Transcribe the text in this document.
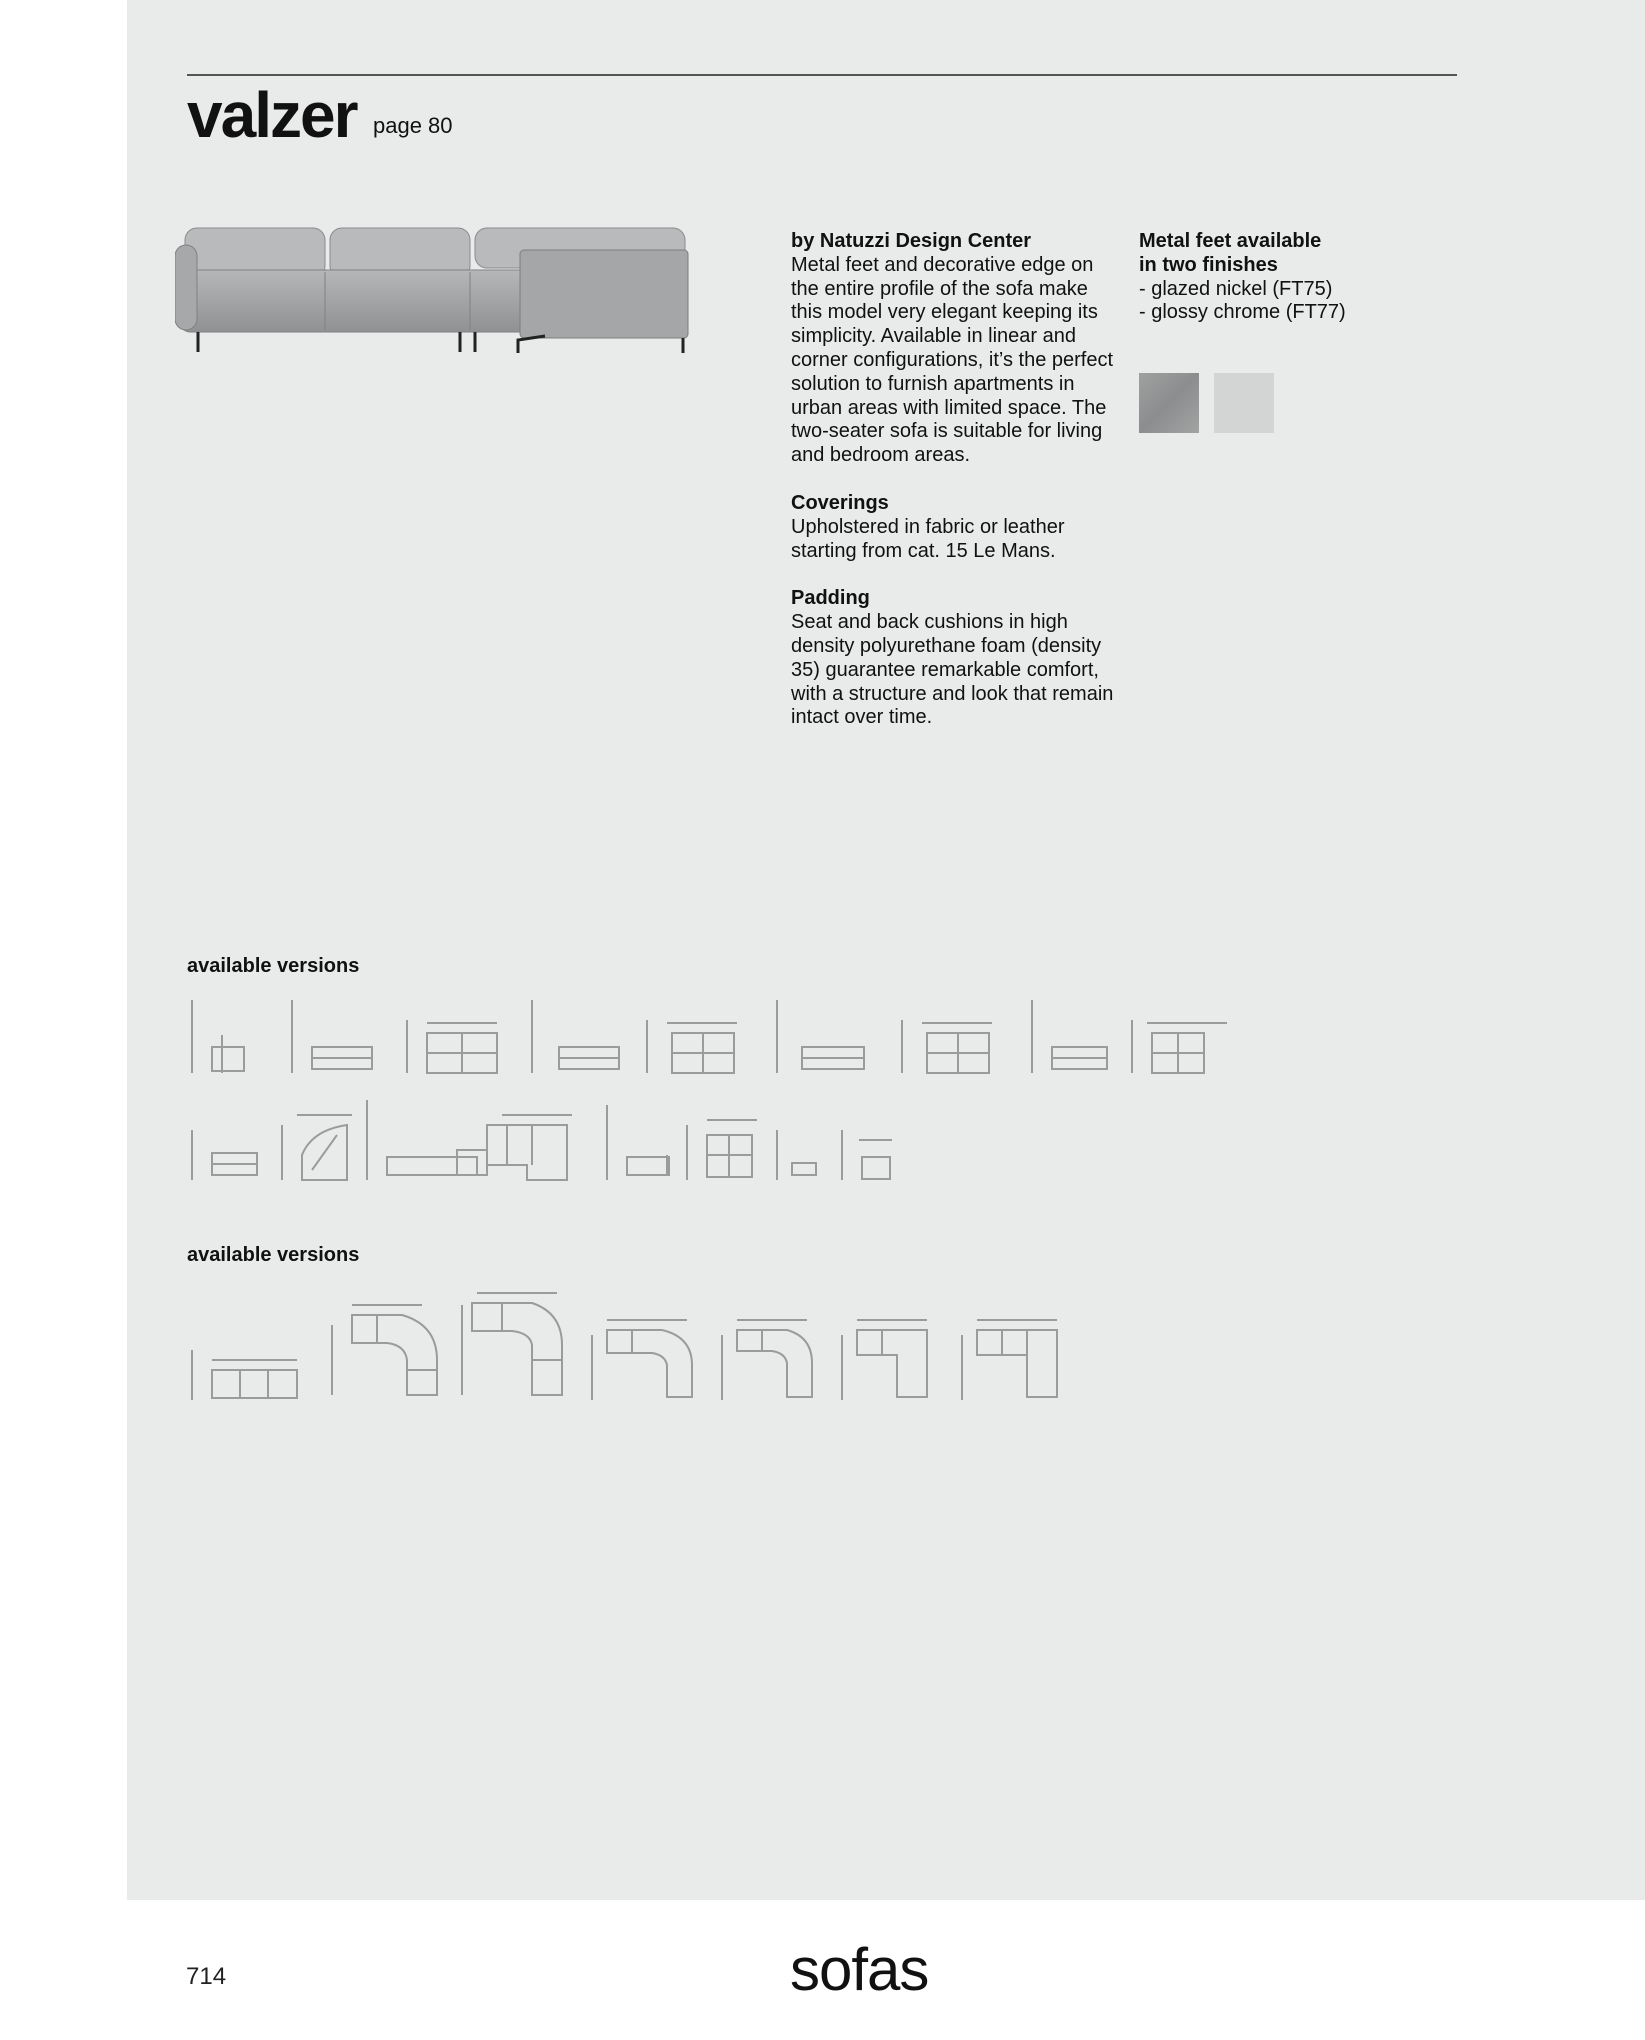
valzer page 80
by Natuzzi Design Center

Metal feet and decorative edge on the entire profile of the sofa make this model very elegant keeping its simplicity. Available in linear and corner configurations, it’s the perfect solution to furnish apartments in urban areas with limited space. The two-seater sofa is suitable for living and bedroom areas.

Coverings

Upholstered in fabric or leather starting from cat. 15 Le Mans.

Padding

Seat and back cushions in high density polyurethane foam (density 35) guarantee remarkable comfort, with a structure and look that remain intact over time.

Metal feet available
in two finishes
- glazed nickel (FT75)
- glossy chrome (FT77)
available versions
available versions
714	sofas
